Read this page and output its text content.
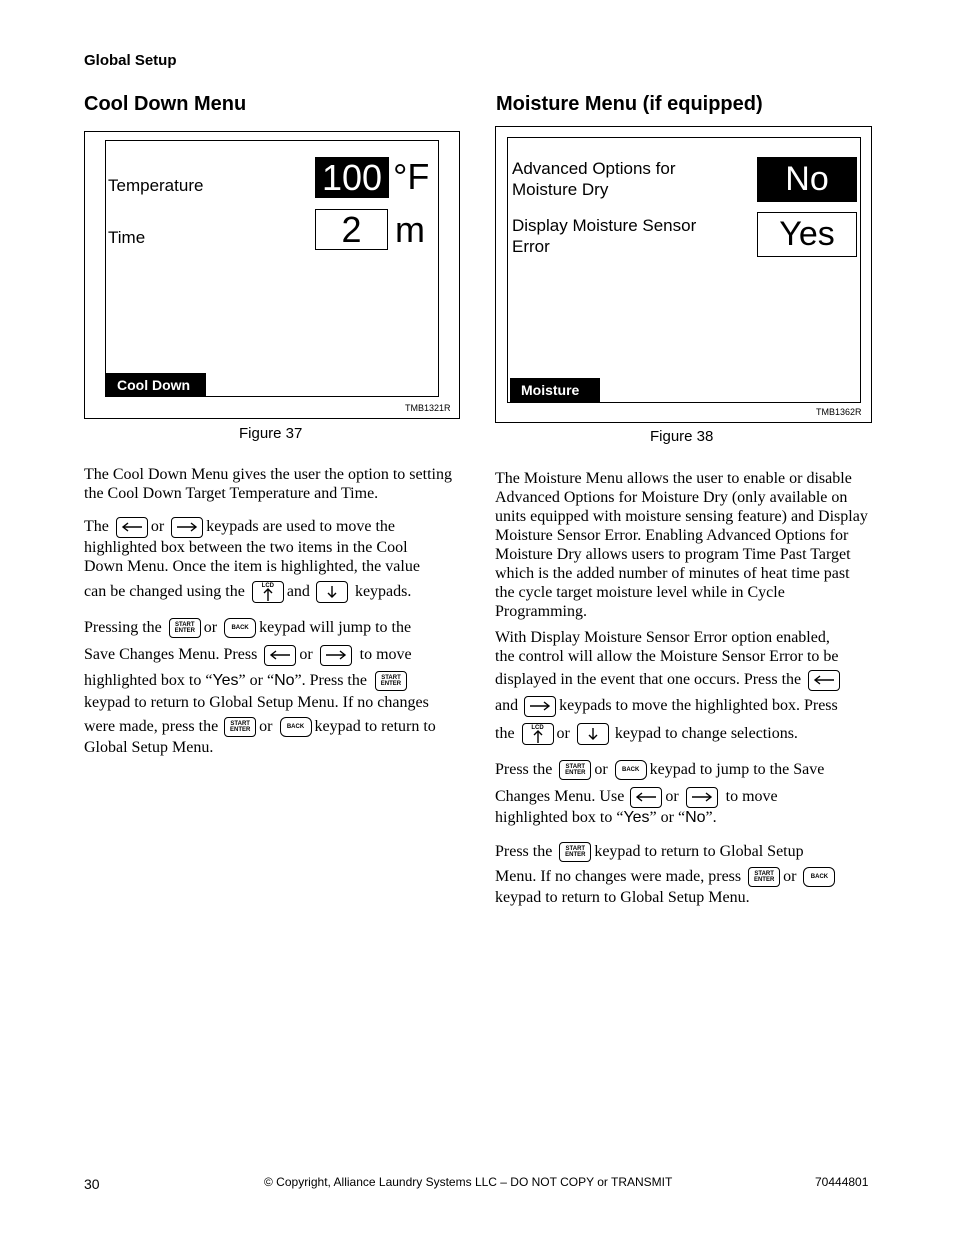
Global Setup
Cool Down Menu
Temperature	100 °F
Time	2 m
Cool Down
TMB1321R
Figure 37
The Cool Down Menu gives the user the option to setting the Cool Down Target Temperature and Time.
The	or	keypads are used to move the
highlighted box between the two items in the Cool
Down Menu. Once the item is highlighted, the value
can be changed using the	LCD and	keypads.
Pressing the START
ENTER or	BACK keypad will jump to the
Save Changes Menu. Press	or	to move
highlighted box to “ Yes ” or “ No ”. Press the START
ENTER
keypad to return to Global Setup Menu. If no changes
were made, press the START
ENTER or	BACK keypad to return to
Global Setup Menu.
Moisture Menu (if equipped)
Advanced Options for
Moisture Dry	No
Display Moisture Sensor
Error	Yes
Moisture
TMB1362R
Figure 38
The Moisture Menu allows the user to enable or disable Advanced Options for Moisture Dry (only available on units equipped with moisture sensing feature) and Display Moisture Sensor Error. Enabling Advanced Options for Moisture Dry allows users to program Time Past Target which is the added number of minutes of heat time past the cycle target moisture level while in Cycle Programming.
With Display Moisture Sensor Error option enabled,
the control will allow the Moisture Sensor Error to be
displayed in the event that one occurs. Press the
and	keypads to move the highlighted box. Press
the	LCD or	keypad to change selections.
Press the START
ENTER or	BACK keypad to jump to the Save
Changes Menu. Use	or	to move
highlighted box to “ Yes ” or “ No ”.
Press the START
ENTER keypad to return to Global Setup
Menu. If no changes were made, press START
ENTER or	BACK
keypad to return to Global Setup Menu.
30	© Copyright, Alliance Laundry Systems LLC – DO NOT COPY or TRANSMIT	70444801
